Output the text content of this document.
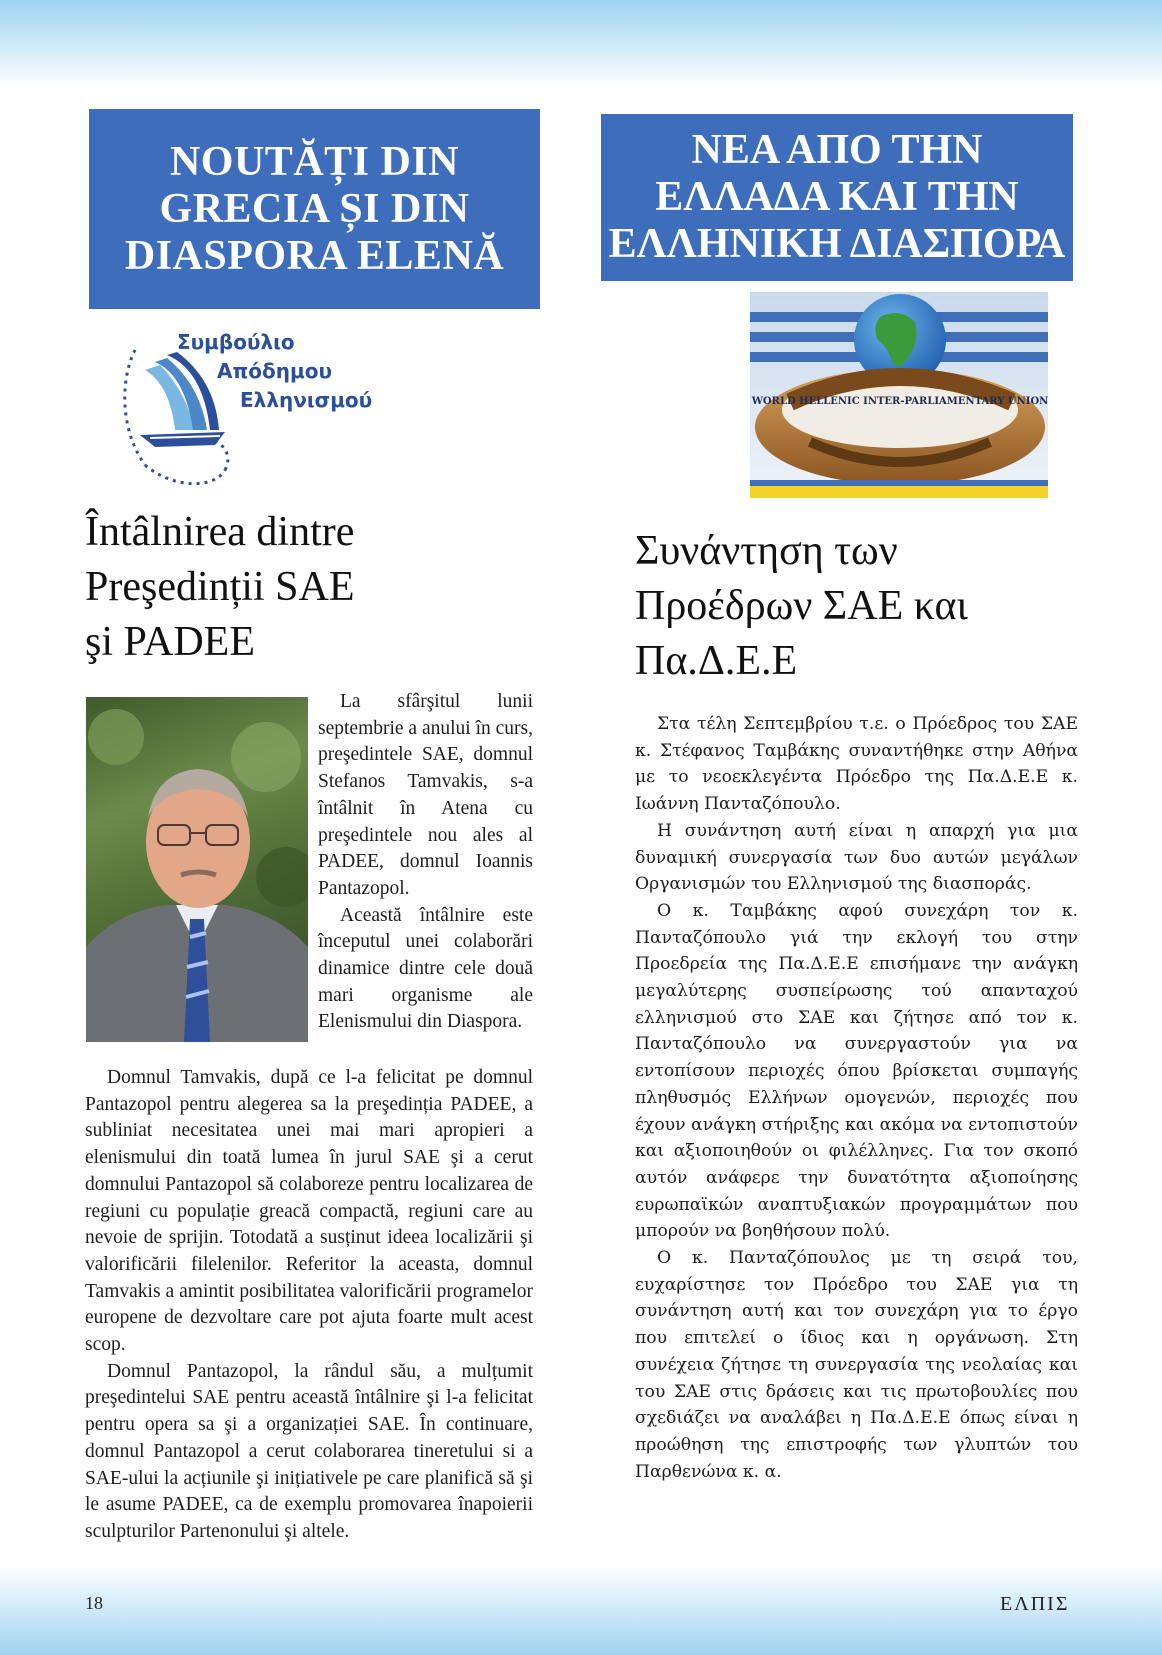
NOUTĂȚI DIN
GRECIA ȘI DIN
DIASPORA ELENĂ
ΝΕΑ ΑΠΟ ΤΗΝ
ΕΛΛΑΔΑ ΚΑΙ ΤΗΝ
ΕΛΛΗΝΙΚΗ ΔΙΑΣΠΟΡΑ
Συμβούλιο
Απόδημου
Ελληνισμού	WORLD HELLENIC INTER-PARLIAMENTARY UNION
Întâlnirea dintre
Preşedinții SAE
şi PADEE

La sfârşitul lunii septembrie a anului în curs, preşedintele SAE, domnul Stefanos Tamvakis, s-a întâlnit în Atena cu preşedintele nou ales al PADEE, domnul Ioannis Pantazopol.

Această întâlnire este începutul unei colaborări dinamice dintre cele două mari organisme ale Elenismului din Diaspora.

Domnul Tamvakis, după ce l-a felicitat pe domnul Pantazopol pentru alegerea sa la preşedinția PADEE, a subliniat necesitatea unei mai mari apropieri a elenismului din toată lumea în jurul SAE şi a cerut domnului Pantazopol să colaboreze pentru localizarea de regiuni cu populație greacă compactă, regiuni care au nevoie de sprijin. Totodată a susținut ideea localizării şi valorificării filelenilor. Referitor la aceasta, domnul Tamvakis a amintit posibilitatea valorificării programelor europene de dezvoltare care pot ajuta foarte mult acest scop.

Domnul Pantazopol, la rândul său, a mulțumit preşedintelui SAE pentru această întâlnire şi l-a felicitat pentru opera sa şi a organizației SAE. În continuare, domnul Pantazopol a cerut colaborarea tineretului si a SAE-ului la acțiunile şi inițiativele pe care planifică să şi le asume PADEE, ca de exemplu promovarea înapoierii sculpturilor Partenonului şi altele.

Συνάντηση των
Προέδρων ΣΑΕ και
Πα.Δ.Ε.Ε

Στα τέλη Σεπτεμβρίου τ.ε. ο Πρόεδρος του ΣΑΕ κ. Στέφανος Ταμβάκης συναντήθηκε στην Αθήνα με το νεοεκλεγέντα Πρόεδρο της Πα.Δ.Ε.Ε κ. Ιωάννη Πανταζόπουλο.

Η συνάντηση αυτή είναι η απαρχή για μια δυναμική συνεργασία των δυο αυτών μεγάλων Οργανισμών του Ελληνισμού της διασποράς.

Ο κ. Ταμβάκης αφού συνεχάρη τον κ. Πανταζόπουλο γιά την εκλογή του στην Προεδρεία της Πα.Δ.Ε.Ε επισήμανε την ανάγκη μεγαλύτερης συσπείρωσης τού απανταχού ελληνισμού στο ΣΑΕ και ζήτησε από τον κ. Πανταζόπουλο να συνεργαστούν για να εντοπίσουν περιοχές όπου βρίσκεται συμπαγής πληθυσμός Ελλήνων ομογενών, περιοχές που έχουν ανάγκη στήριξης και ακόμα να εντοπιστούν και αξιοποιηθούν οι φιλέλληνες. Για τον σκοπό αυτόν ανάφερε την δυνατότητα αξιοποίησης ευρωπαϊκών αναπτυξιακών προγραμμάτων που μπορούν να βοηθήσουν πολύ.

Ο κ. Πανταζόπουλος με τη σειρά του, ευχαρίστησε τον Πρόεδρο του ΣΑΕ για τη συνάντηση αυτή και τον συνεχάρη για το έργο που επιτελεί ο ίδιος και η οργάνωση. Στη συνέχεια ζήτησε τη συνεργασία της νεολαίας και του ΣΑΕ στις δράσεις και τις πρωτοβουλίες που σχεδιάζει να αναλάβει η Πα.Δ.Ε.Ε όπως είναι η προώθηση της επιστροφής των γλυπτών του Παρθενώνα κ. α.

18	ΕΛΠΙΣ
